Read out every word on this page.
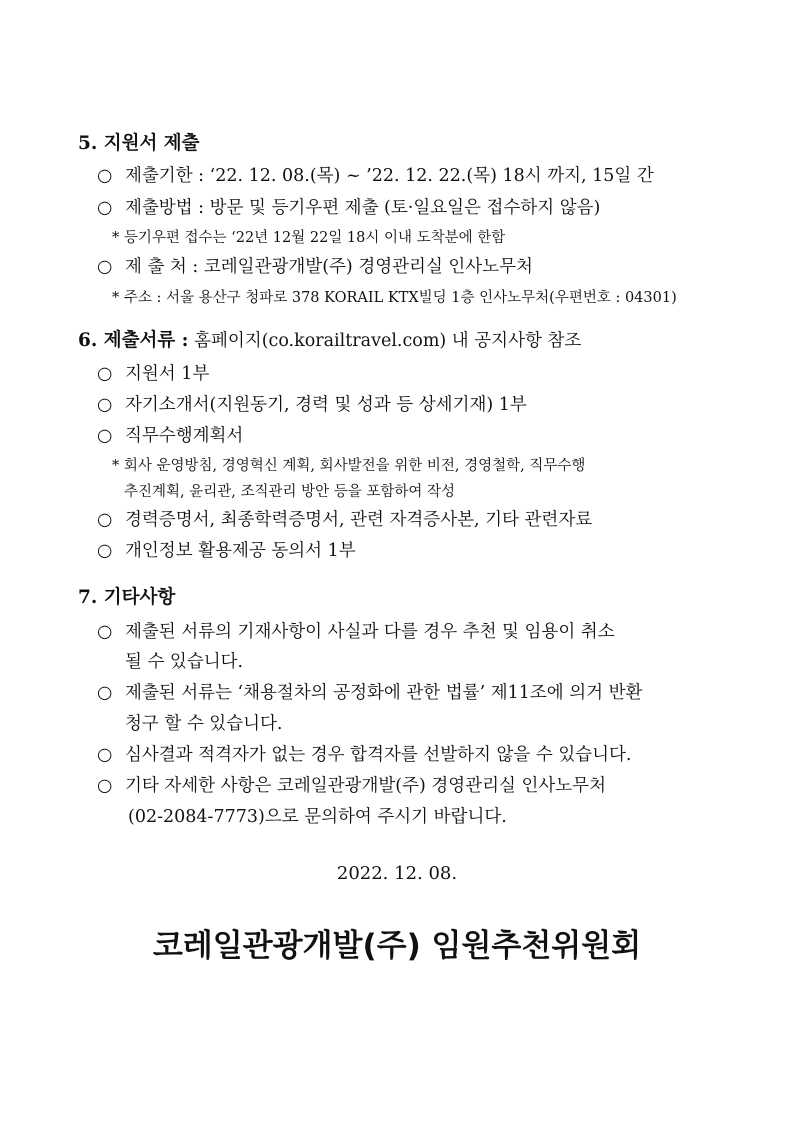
5. 지원서 제출
○ 제출기한 : ‘22. 12. 08.(목) ~ ’22. 12. 22.(목) 18시 까지, 15일 간
○ 제출방법 : 방문 및 등기우편 제출 (토·일요일은 접수하지 않음)
* 등기우편 접수는 ‘22년 12월 22일 18시 이내 도착분에 한함
○ 제 출 처 : 코레일관광개발(주) 경영관리실 인사노무처
* 주소 : 서울 용산구 청파로 378 KORAIL KTX빌딩 1층 인사노무처(우편번호 : 04301)
6. 제출서류 : 홈페이지(co.korailtravel.com) 내 공지사항 참조
○ 지원서 1부
○ 자기소개서(지원동기, 경력 및 성과 등 상세기재) 1부
○ 직무수행계획서
* 회사 운영방침, 경영혁신 계획, 회사발전을 위한 비전, 경영철학, 직무수행
추진계획, 윤리관, 조직관리 방안 등을 포함하여 작성
○ 경력증명서, 최종학력증명서, 관련 자격증사본, 기타 관련자료
○ 개인정보 활용제공 동의서 1부
7. 기타사항
○ 제출된 서류의 기재사항이 사실과 다를 경우 추천 및 임용이 취소
될 수 있습니다.
○ 제출된 서류는 ‘채용절차의 공정화에 관한 법률’ 제11조에 의거 반환
청구 할 수 있습니다.
○ 심사결과 적격자가 없는 경우 합격자를 선발하지 않을 수 있습니다.
○ 기타 자세한 사항은 코레일관광개발(주) 경영관리실 인사노무처
(02-2084-7773)으로 문의하여 주시기 바랍니다.
2022. 12. 08.
코레일관광개발(주) 임원추천위원회
